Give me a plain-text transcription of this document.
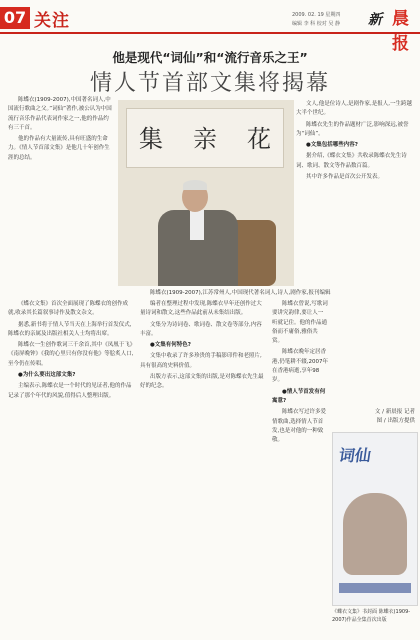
07 关注	2009. 02. 19 星期四
编辑 李 科 校对 吴 静 新 晨报
他是现代“词仙”和“流行音乐之王”
情人节首部文集将揭幕

陈蝶衣(1909-2007),中国著名词人,中国流行歌曲之父。”词仙”著作,被公认为中国流行音乐作品代表词作家之一,他的作品约有三千首。

他的作品有大量流传,具有旺盛的生命力。《情人节首部文集》是他几十年创作生涯的总结。

花
亲
集
陈蝶衣(1909-2007),江苏常州人,中国现代著名词人,诗人,剧作家,报刊编辑

文人,他是位诗人,是剧作家,是报人,一生跨越大半个世纪。

陈蝶衣先生的作品题材广泛,影响深远,被誉为“词仙”。

●文集包括哪些内容?

据介绍,《蝶衣文集》共收录陈蝶衣先生诗词、歌词、散文等作品数百篇。

其中许多作品是首次公开发表。

《蝶衣文集》首次全面展现了陈蝶衣的创作成就,收录其长篇叙事诗作及散文杂文。

据悉,新书将于情人节当天在上海举行首发仪式,陈蝶衣的亲属及出版社相关人士均将出席。

陈蝶衣一生创作歌词三千余首,其中《凤凰于飞》《南屏晚钟》《我的心里只有你没有他》等脍炙人口,至今仍在传唱。

●为什么要出这部文集?

主编表示,陈蝶衣是一个时代的见证者,他的作品记录了那个年代的风貌,值得后人整理出版。

编者在整理过程中发现,陈蝶衣早年还创作过大量诗词和散文,这些作品此前从未集结出版。

文集分为诗词卷、歌词卷、散文卷等部分,内容丰富。

●文集有何特色?

文集中收录了许多珍贵的手稿影印件和老照片,具有很高的史料价值。

出版方表示,这部文集的出版,是对陈蝶衣先生最好的纪念。

陈蝶衣曾说,写歌词要讲究韵律,要让人一听就记住。他的作品通俗而不庸俗,雅俗共赏。

陈蝶衣晚年定居香港,仍笔耕不辍,2007年在香港病逝,享年98岁。

●情人节首发有何寓意?

陈蝶衣写过许多爱情歌曲,选择情人节首发,也是对他的一种致敬。

文 / 新晨报 记者
图 / 出版方提供
词仙
《蝶衣文集》书封面 陈蝶衣(1909-2007)作品全集首次出版
